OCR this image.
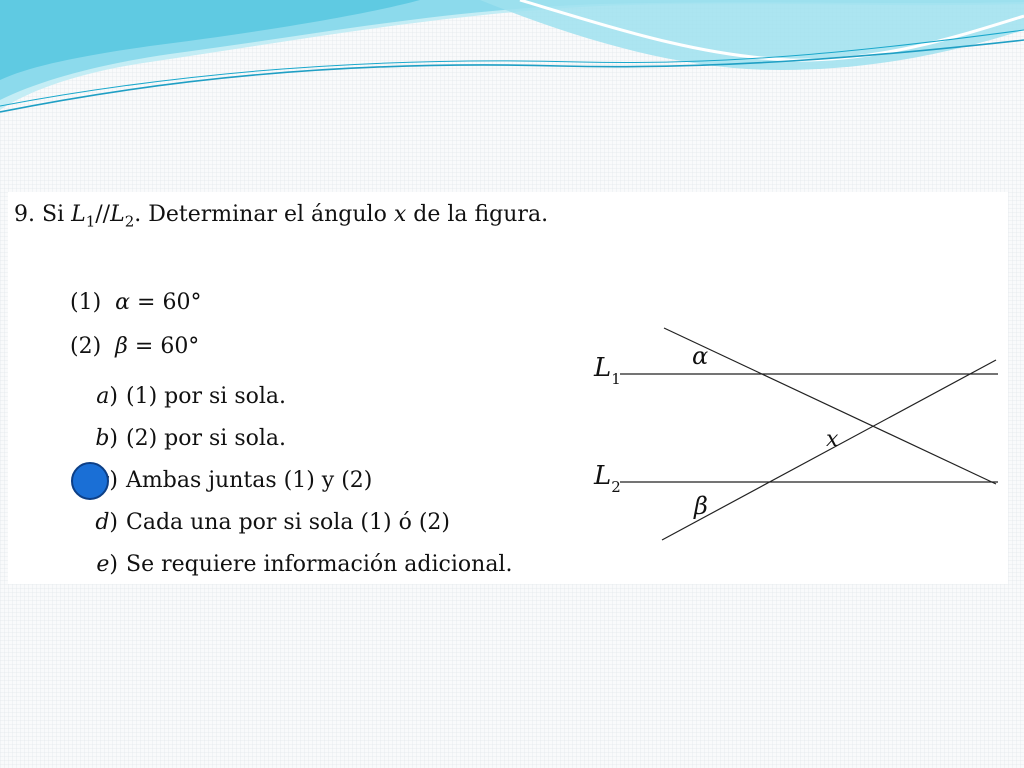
9. Si $L_1//L_2$. Determinar el ángulo x de la figura.
(1) α = 60°
(2) β = 60°
a) (1) por si sola.
b) (2) por si sola.
) Ambas juntas (1) y (2)
d) Cada una por si sola (1) ó (2)
e) Se requiere información adicional.
$L_1$
$L_2$
α
β
x
